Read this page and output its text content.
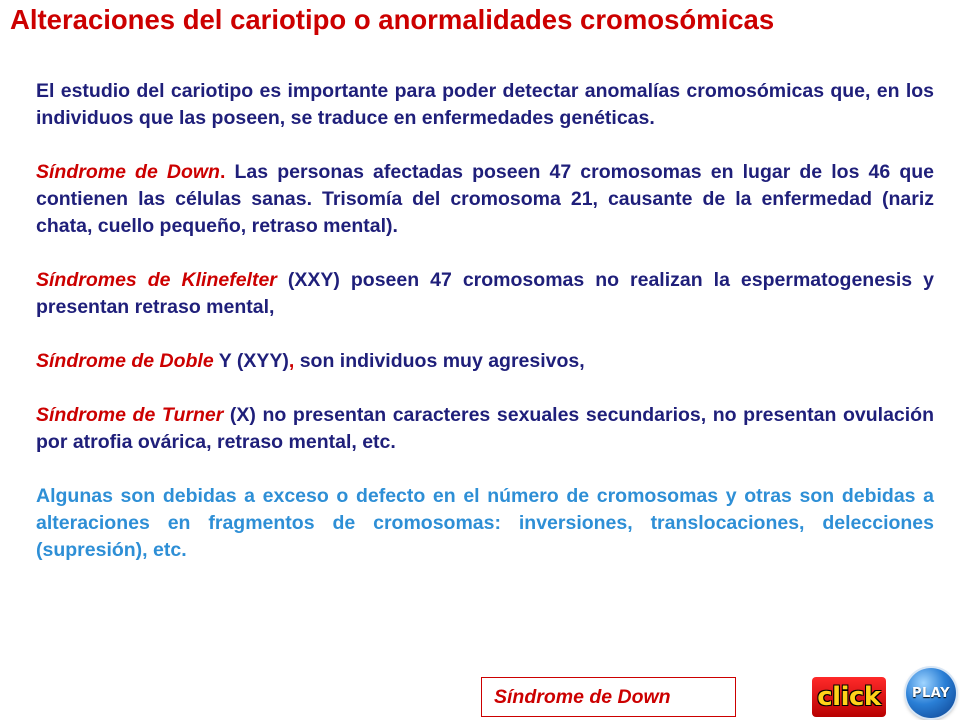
Alteraciones del cariotipo o anormalidades cromosómicas

El estudio del cariotipo es importante para poder detectar anomalías cromosómicas que, en los individuos que las poseen, se traduce en enfermedades genéticas.

Síndrome de Down. Las personas afectadas poseen 47 cromosomas en lugar de los 46 que contienen las células sanas. Trisomía del cromosoma 21, causante de la enfermedad (nariz chata, cuello pequeño, retraso mental).

Síndromes de Klinefelter (XXY) poseen 47 cromosomas no realizan la espermatogenesis y presentan retraso mental,

Síndrome de Doble Y (XYY), son individuos muy agresivos,

Síndrome de Turner (X) no presentan caracteres sexuales secundarios, no presentan ovulación por atrofia ovárica, retraso mental, etc.

Algunas son debidas a exceso o defecto en el número de cromosomas y otras son debidas a alteraciones en fragmentos de cromosomas: inversiones, translocaciones, delecciones (supresión), etc.

Síndrome de Down	click	PLAY
